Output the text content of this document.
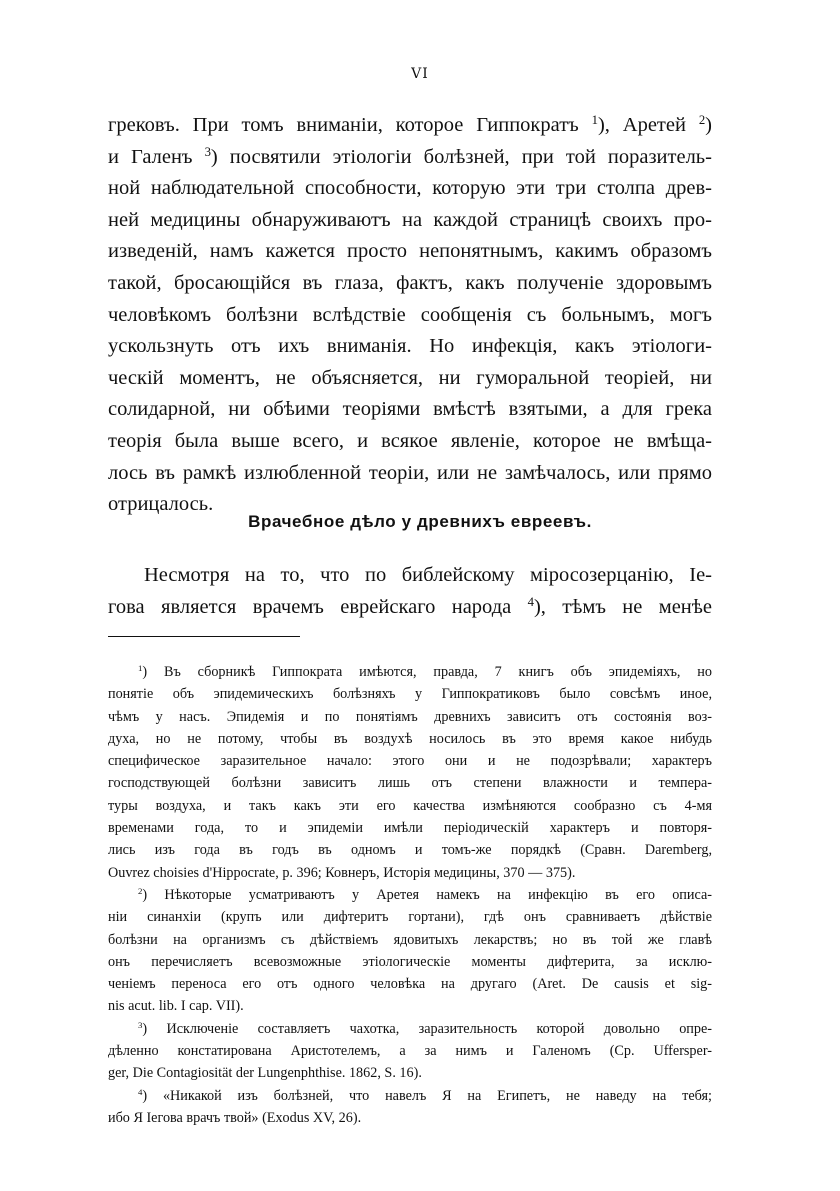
VI
грековъ. При томъ вниманіи, которое Гиппократъ $^1$), Аретей $^2$)
и Галенъ $^3$) посвятили этіологіи болѣзней, при той поразитель-
ной наблюдательной способности, которую эти три столпа древ-
ней медицины обнаруживаютъ на каждой страницѣ своихъ про-
изведеній, намъ кажется просто непонятнымъ, какимъ образомъ
такой, бросающійся въ глаза, фактъ, какъ полученіе здоровымъ
человѣкомъ болѣзни вслѣдствіе сообщенія съ больнымъ, могъ
ускользнуть отъ ихъ вниманія. Но инфекція, какъ этіологи-
ческій моментъ, не объясняется, ни гуморальной теоріей, ни
солидарной, ни обѣими теоріями вмѣстѣ взятыми, а для грека
теорія была выше всего, и всякое явленіе, которое не вмѣща-
лось въ рамкѣ излюбленной теоріи, или не замѣчалось, или прямо
отрицалось.
Врачебное дѣло у древнихъ евреевъ.
Несмотря на то, что по библейскому міросозерцанію, Іе-
гова является врачемъ еврейскаго народа $^4$), тѣмъ не менѣе
$^1$) Въ сборникѣ Гиппократа имѣются, правда, 7 книгъ объ эпидеміяхъ, но
понятіе объ эпидемическихъ болѣзняхъ у Гиппократиковъ было совсѣмъ иное,
чѣмъ у насъ. Эпидемія и по понятіямъ древнихъ зависитъ отъ состоянія воз-
духа, но не потому, чтобы въ воздухѣ носилось въ это время какое нибудь
специфическое заразительное начало: этого они и не подозрѣвали; характеръ
господствующей болѣзни зависитъ лишь отъ степени влажности и темпера-
туры воздуха, и такъ какъ эти его качества измѣняются сообразно съ 4-мя
временами года, то и эпидеміи имѣли періодическій характеръ и повторя-
лись изъ года въ годъ въ одномъ и томъ-же порядкѣ (Сравн. Daremberg,
Ouvrez choisies d'Hippocrate, p. 396; Ковнеръ, Исторія медицины, 370 — 375).
$^2$) Нѣкоторые усматриваютъ у Аретея намекъ на инфекцію въ его описа-
ніи синанхіи (крупъ или дифтеритъ гортани), гдѣ онъ сравниваетъ дѣйствіе
болѣзни на организмъ съ дѣйствіемъ ядовитыхъ лекарствъ; но въ той же главѣ
онъ перечисляетъ всевозможные этіологическіе моменты дифтерита, за исклю-
ченіемъ переноса его отъ одного человѣка на другаго (Aret. De causis et sig-
nis acut. lib. I cap. VII).
$^3$) Исключеніе составляетъ чахотка, заразительность которой довольно опре-
дѣленно констатирована Аристотелемъ, а за нимъ и Галеномъ (Ср. Uffersper-
ger, Die Contagiosität der Lungenphthise. 1862, S. 16).
$^4$) «Никакой изъ болѣзней, что навелъ Я на Египетъ, не наведу на тебя;
ибо Я Іегова врачъ твой» (Exodus XV, 26).
